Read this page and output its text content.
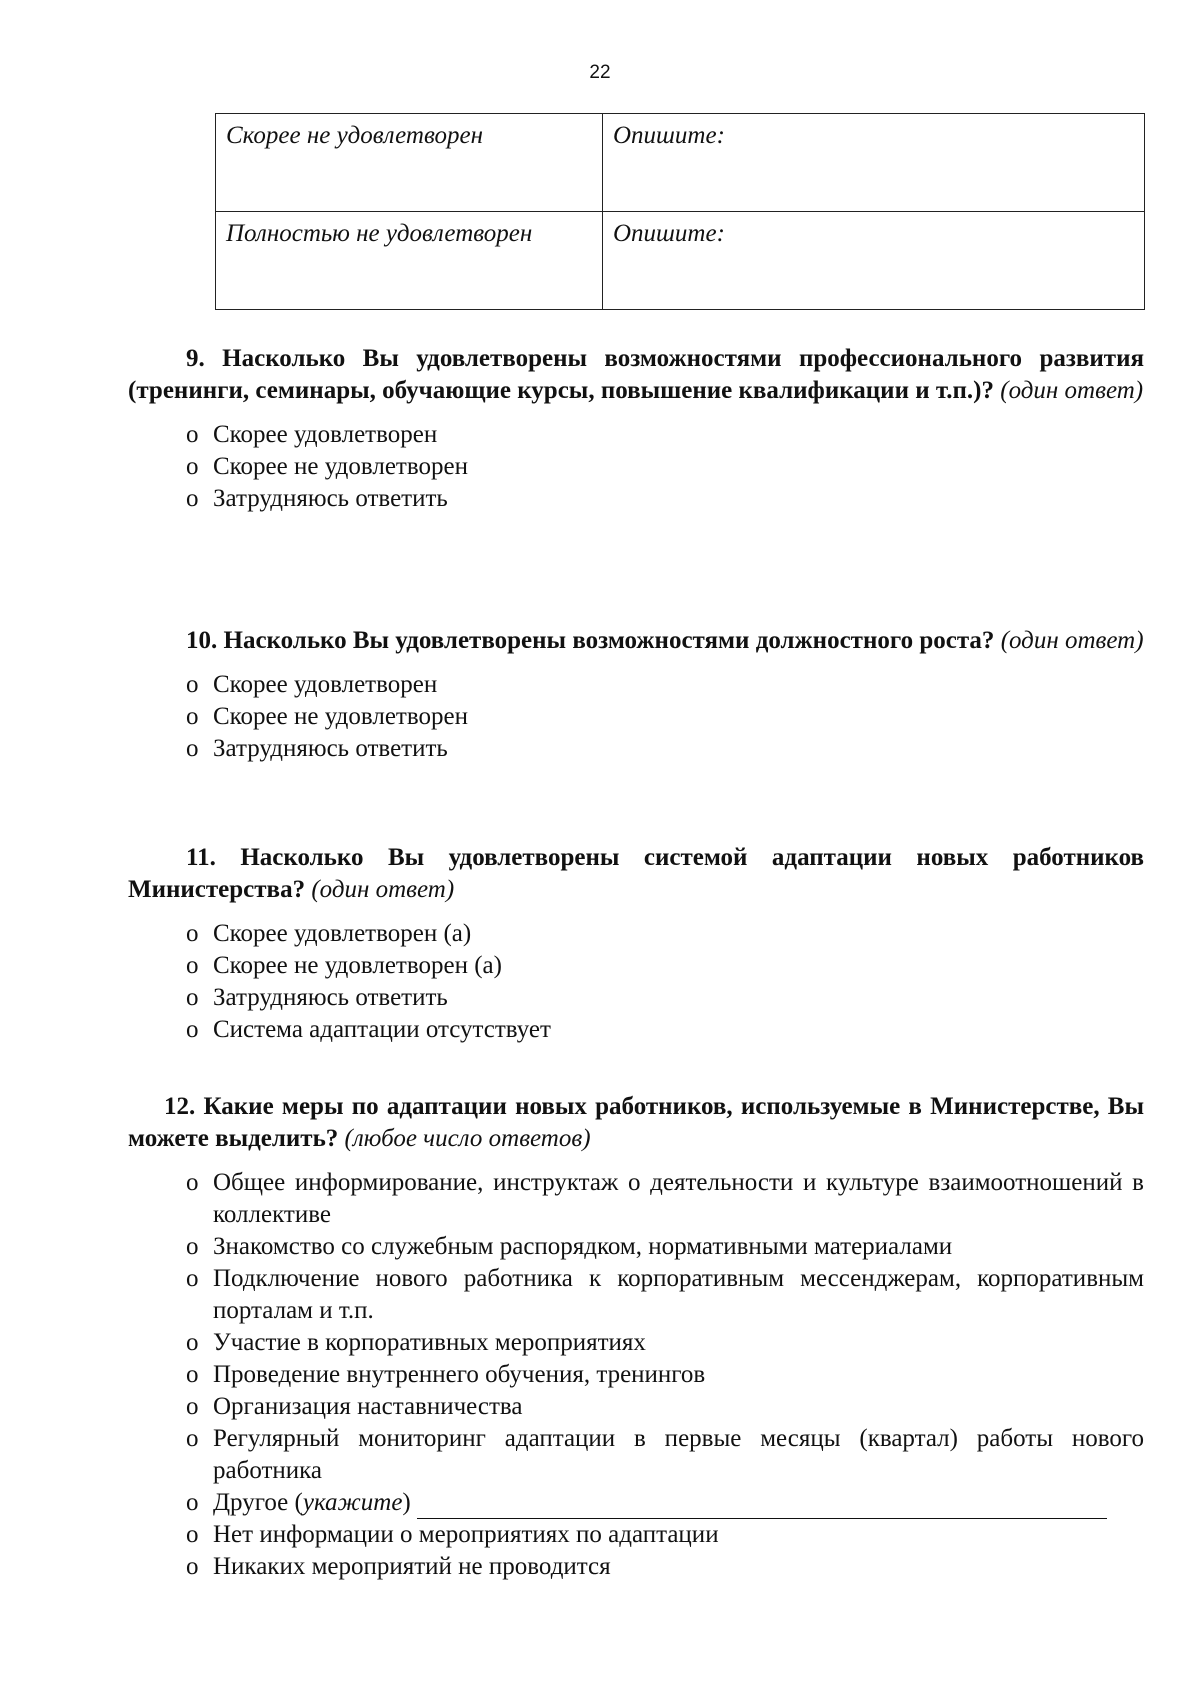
22
Скорее не удовлетворен	Опишите:
Полностью не удовлетворен	Опишите:
9. Насколько Вы удовлетворены возможностями профессионального развития (тренинги, семинары, обучающие курсы, повышение квалификации и т.п.)? (один ответ)
o Скорее удовлетворен
o Скорее не удовлетворен
o Затрудняюсь ответить
10. Насколько Вы удовлетворены возможностями должностного роста? (один ответ)
o Скорее удовлетворен
o Скорее не удовлетворен
o Затрудняюсь ответить
11. Насколько Вы удовлетворены системой адаптации новых работников Министерства? (один ответ)
o Скорее удовлетворен (а)
o Скорее не удовлетворен (а)
o Затрудняюсь ответить
o Система адаптации отсутствует
12. Какие меры по адаптации новых работников, используемые в Министерстве, Вы можете выделить? (любое число ответов)
o Общее информирование, инструктаж о деятельности и культуре взаимоотношений в коллективе
o Знакомство со служебным распорядком, нормативными материалами
o Подключение нового работника к корпоративным мессенджерам, корпоративным порталам и т.п.
o Участие в корпоративных мероприятиях
o Проведение внутреннего обучения, тренингов
o Организация наставничества
o Регулярный мониторинг адаптации в первые месяцы (квартал) работы нового работника
o Другое (укажите)
o Нет информации о мероприятиях по адаптации
o Никаких мероприятий не проводится
